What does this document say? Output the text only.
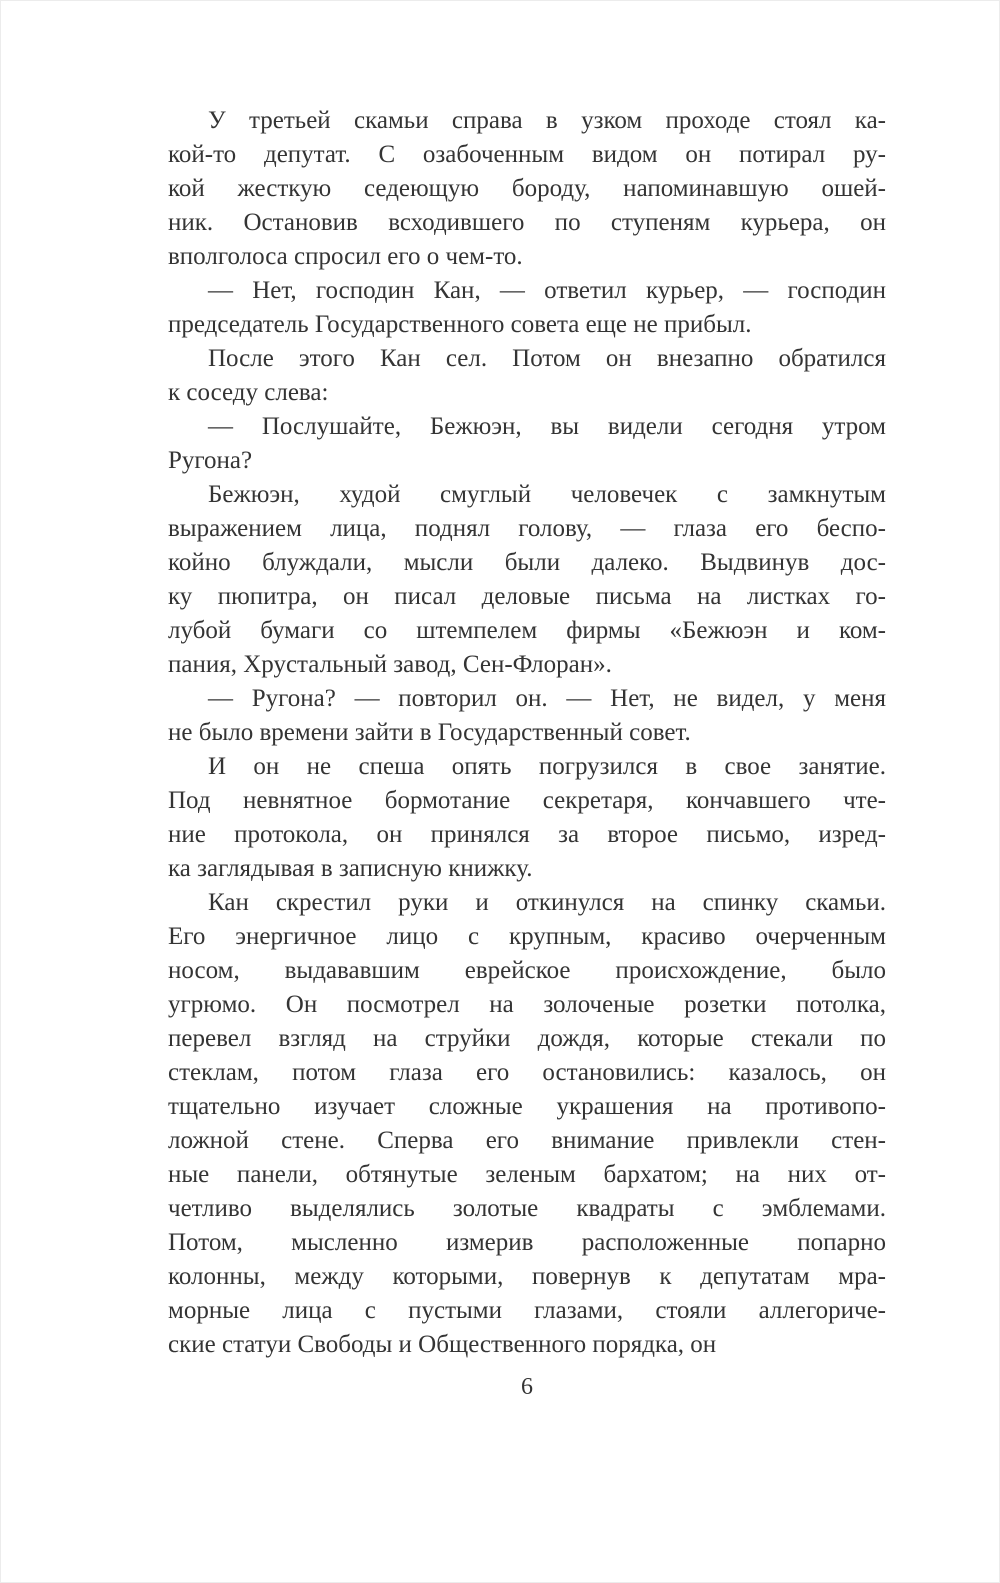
У третьей скамьи справа в узком проходе стоял ка-
кой-то депутат. С озабоченным видом он потирал ру-
кой жесткую седеющую бороду, напоминавшую ошей-
ник. Остановив всходившего по ступеням курьера, он
вполголоса спросил его о чем-то.
— Нет, господин Кан, — ответил курьер, — господин
председатель Государственного совета еще не прибыл.
После этого Кан сел. Потом он внезапно обратился
к соседу слева:
— Послушайте, Бежюэн, вы видели сегодня утром
Ругона?
Бежюэн, худой смуглый человечек с замкнутым
выражением лица, поднял голову, — глаза его беспо-
койно блуждали, мысли были далеко. Выдвинув дос-
ку пюпитра, он писал деловые письма на листках го-
лубой бумаги со штемпелем фирмы «Бежюэн и ком-
пания, Хрустальный завод, Сен-Флоран».
— Ругона? — повторил он. — Нет, не видел, у меня
не было времени зайти в Государственный совет.
И он не спеша опять погрузился в свое занятие.
Под невнятное бормотание секретаря, кончавшего чте-
ние протокола, он принялся за второе письмо, изред-
ка заглядывая в записную книжку.
Кан скрестил руки и откинулся на спинку скамьи.
Его энергичное лицо с крупным, красиво очерченным
носом, выдававшим еврейское происхождение, было
угрюмо. Он посмотрел на золоченые розетки потолка,
перевел взгляд на струйки дождя, которые стекали по
стеклам, потом глаза его остановились: казалось, он
тщательно изучает сложные украшения на противопо-
ложной стене. Сперва его внимание привлекли стен-
ные панели, обтянутые зеленым бархатом; на них от-
четливо выделялись золотые квадраты с эмблемами.
Потом, мысленно измерив расположенные попарно
колонны, между которыми, повернув к депутатам мра-
морные лица с пустыми глазами, стояли аллегориче-
ские статуи Свободы и Общественного порядка, он
6
